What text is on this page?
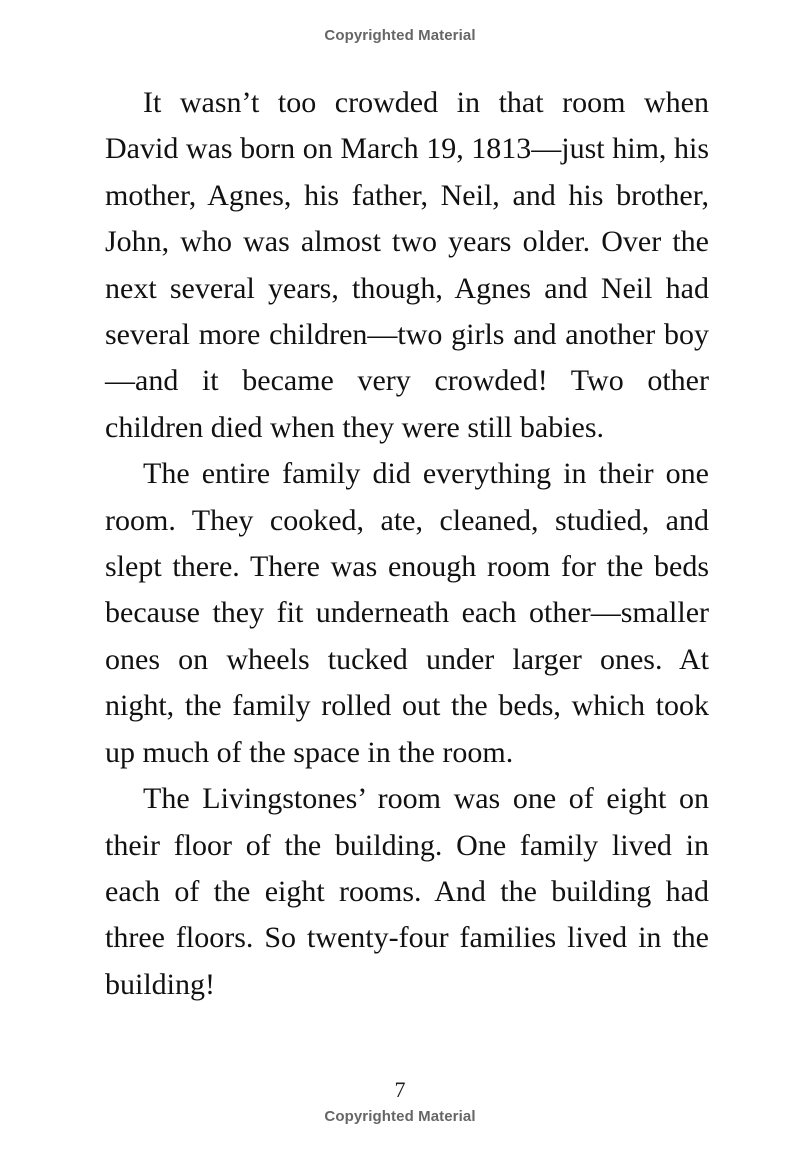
Copyrighted Material

It wasn’t too crowded in that room when David was born on March 19, 1813—just him, his mother, Agnes, his father, Neil, and his brother, John, who was almost two years older. Over the next several years, though, Agnes and Neil had several more children—two girls and another boy —and it became very crowded! Two other children died when they were still babies.

The entire family did everything in their one room. They cooked, ate, cleaned, studied, and slept there. There was enough room for the beds because they fit underneath each other—smaller ones on wheels tucked under larger ones. At night, the family rolled out the beds, which took up much of the space in the room.

The Livingstones’ room was one of eight on their floor of the building. One family lived in each of the eight rooms. And the building had three floors. So twenty-four families lived in the building!

7
Copyrighted Material
